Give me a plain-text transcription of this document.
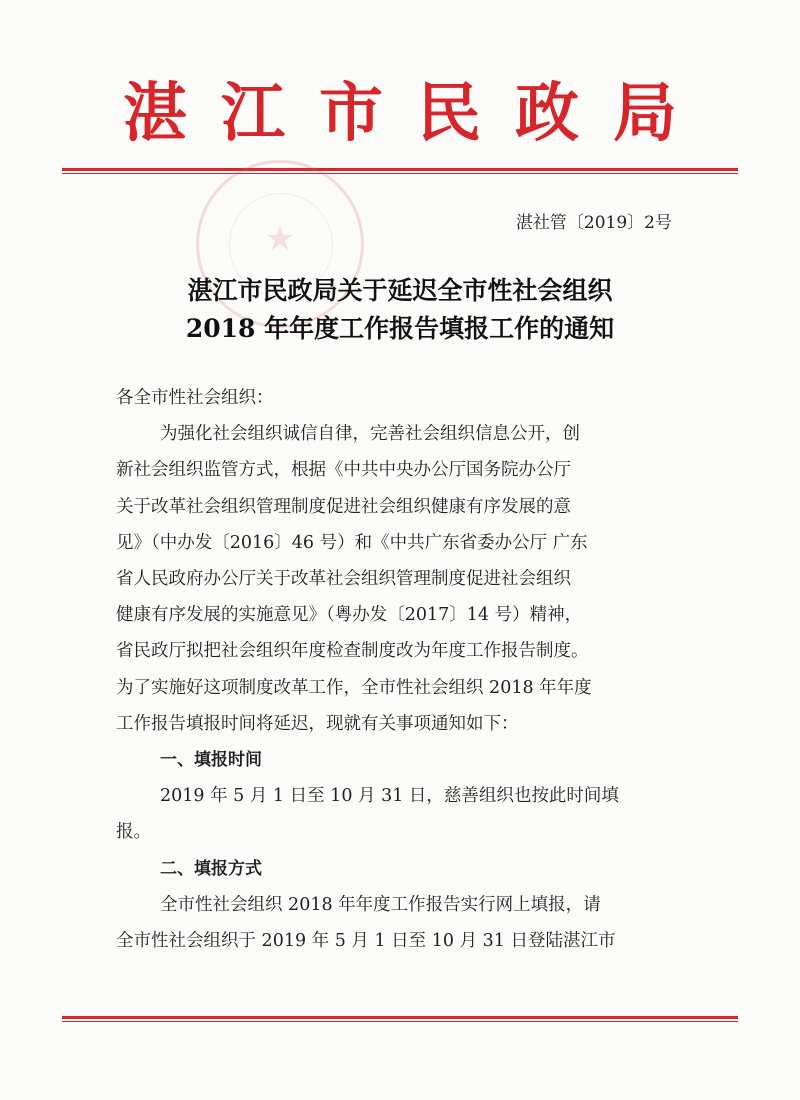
湛江市民政局
★	湛社管〔2019〕2号
湛江市民政局关于延迟全市性社会组织
2018 年年度工作报告填报工作的通知
各全市性社会组织：
为强化社会组织诚信自律，完善社会组织信息公开，创
新社会组织监管方式，根据《中共中央办公厅国务院办公厅
关于改革社会组织管理制度促进社会组织健康有序发展的意
见》（中办发〔2016〕46 号）和《中共广东省委办公厅 广东
省人民政府办公厅关于改革社会组织管理制度促进社会组织
健康有序发展的实施意见》（粤办发〔2017〕14 号）精神，
省民政厅拟把社会组织年度检查制度改为年度工作报告制度。
为了实施好这项制度改革工作，全市性社会组织 2018 年年度
工作报告填报时间将延迟，现就有关事项通知如下：
一、填报时间
2019 年 5 月 1 日至 10 月 31 日，慈善组织也按此时间填
报。
二、填报方式
全市性社会组织 2018 年年度工作报告实行网上填报，请
全市性社会组织于 2019 年 5 月 1 日至 10 月 31 日登陆湛江市
